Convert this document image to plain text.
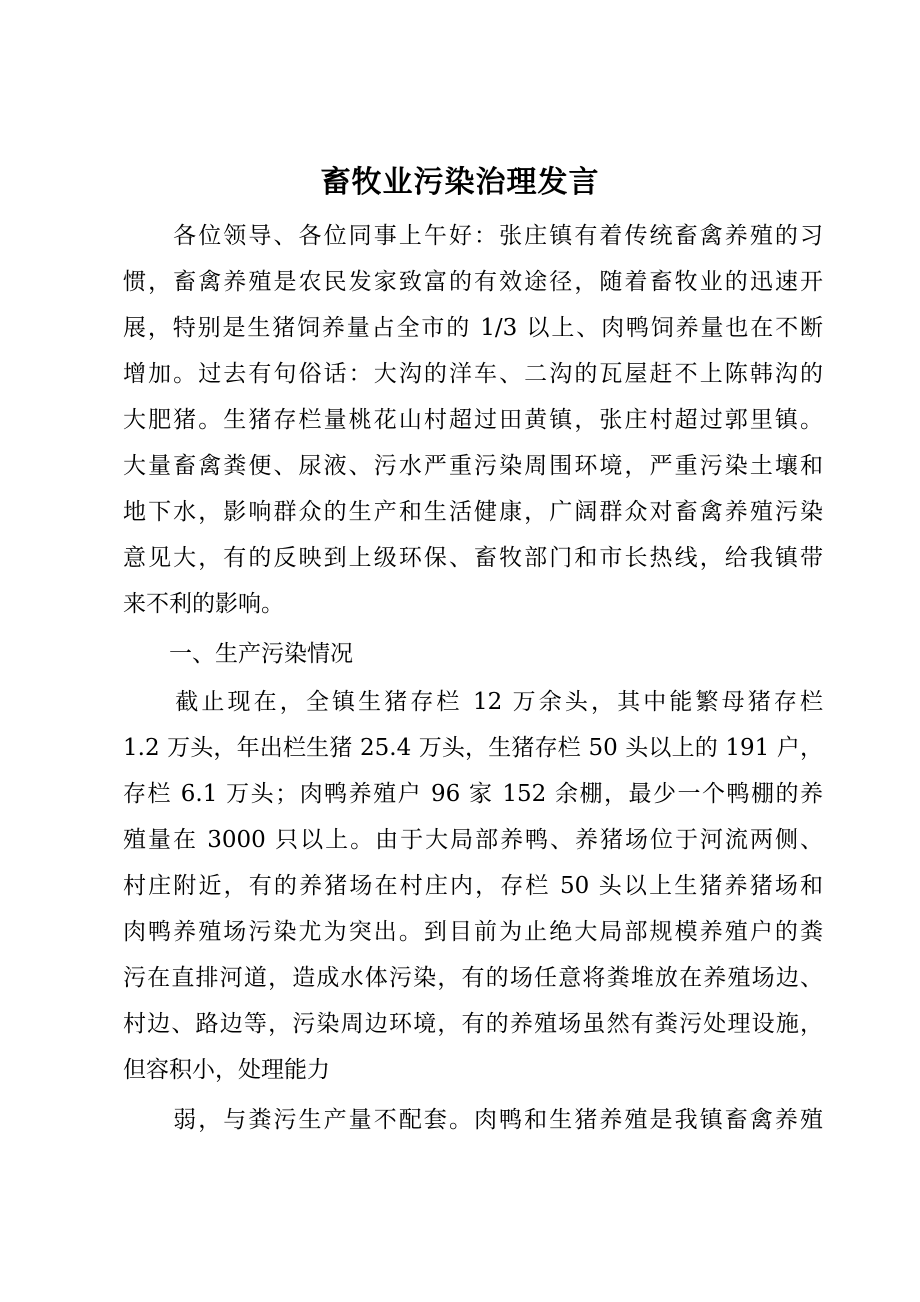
畜牧业污染治理发言

　　各位领导、各位同事上午好：张庄镇有着传统畜禽养殖的习

惯，畜禽养殖是农民发家致富的有效途径，随着畜牧业的迅速开

展，特别是生猪饲养量占全市的 1/3 以上、肉鸭饲养量也在不断

增加。过去有句俗话：大沟的洋车、二沟的瓦屋赶不上陈韩沟的

大肥猪。生猪存栏量桃花山村超过田黄镇，张庄村超过郭里镇。

大量畜禽粪便、尿液、污水严重污染周围环境，严重污染土壤和

地下水，影响群众的生产和生活健康，广阔群众对畜禽养殖污染

意见大，有的反映到上级环保、畜牧部门和市长热线，给我镇带

来不利的影响。

　　一、生产污染情况

　　截止现在，全镇生猪存栏 12 万余头，其中能繁母猪存栏

1.2 万头，年出栏生猪 25.4 万头，生猪存栏 50 头以上的 191 户，

存栏 6.1 万头；肉鸭养殖户 96 家 152 余棚，最少一个鸭棚的养

殖量在 3000 只以上。由于大局部养鸭、养猪场位于河流两侧、

村庄附近，有的养猪场在村庄内，存栏 50 头以上生猪养猪场和

肉鸭养殖场污染尤为突出。到目前为止绝大局部规模养殖户的粪

污在直排河道，造成水体污染，有的场任意将粪堆放在养殖场边、

村边、路边等，污染周边环境，有的养殖场虽然有粪污处理设施，

但容积小，处理能力

　　弱，与粪污生产量不配套。肉鸭和生猪养殖是我镇畜禽养殖
